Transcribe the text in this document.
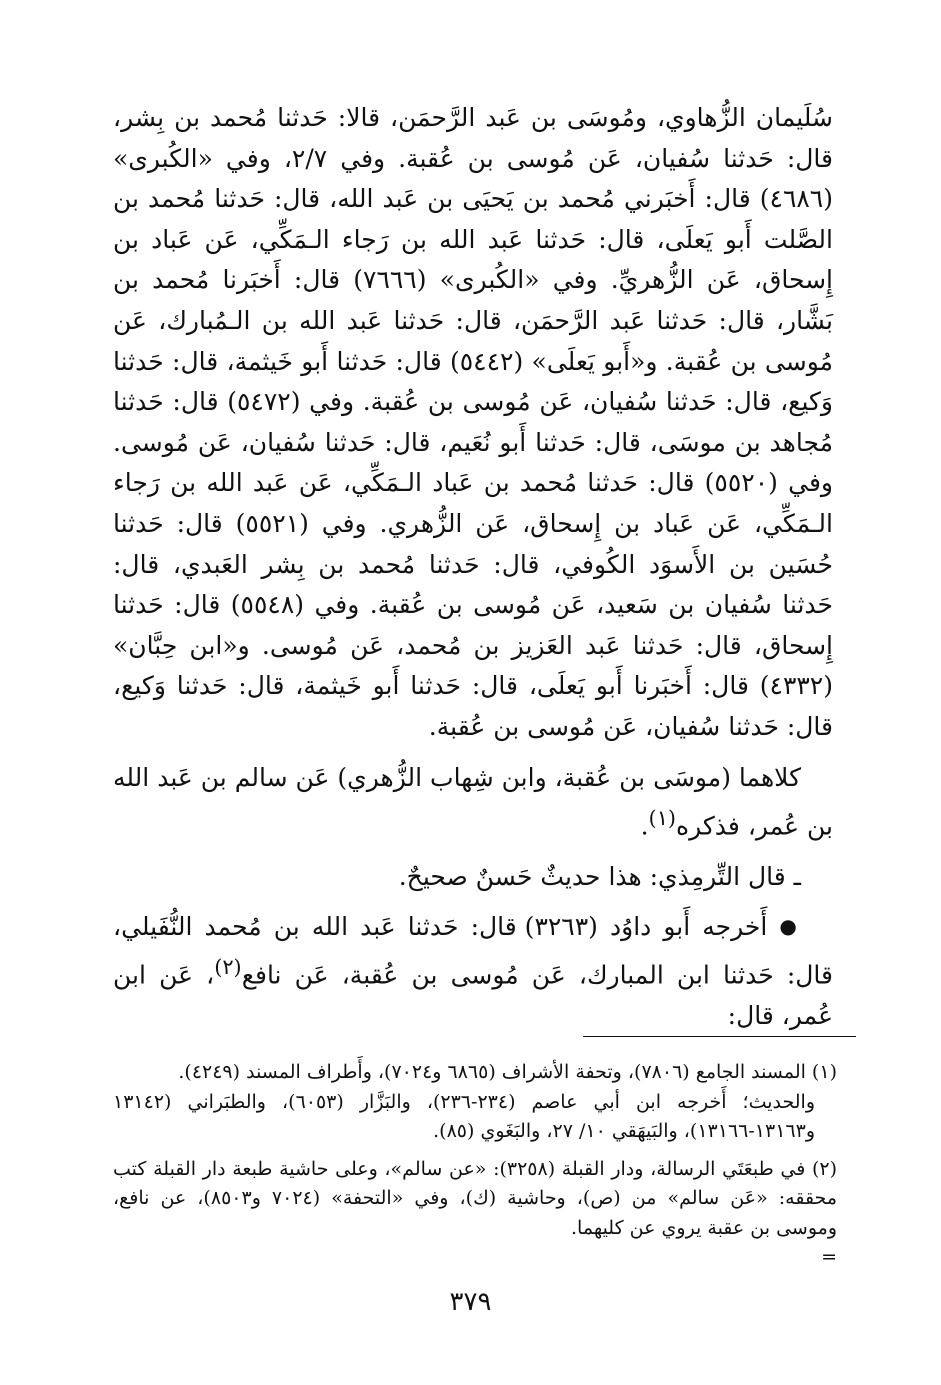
سُلَيمان الزُّهاوي، ومُوسَى بن عَبد الرَّحمَن، قالا: حَدثنا مُحمد بن بِشر، قال: حَدثنا سُفيان، عَن مُوسى بن عُقبة. وفي ٢/٧، وفي «الكُبرى» (٤٦٨٦) قال: أَخبَرني مُحمد بن يَحيَى بن عَبد الله، قال: حَدثنا مُحمد بن الصَّلت أَبو يَعلَى، قال: حَدثنا عَبد الله بن رَجاء الـمَكِّي، عَن عَباد بن إِسحاق، عَن الزُّهريِّ. وفي «الكُبرى» (٧٦٦٦) قال: أَخبَرنا مُحمد بن بَشَّار، قال: حَدثنا عَبد الرَّحمَن، قال: حَدثنا عَبد الله بن الـمُبارك، عَن مُوسى بن عُقبة. و«أَبو يَعلَى» (٥٤٤٢) قال: حَدثنا أَبو خَيثمة، قال: حَدثنا وَكيع، قال: حَدثنا سُفيان، عَن مُوسى بن عُقبة. وفي (٥٤٧٢) قال: حَدثنا مُجاهد بن موسَى، قال: حَدثنا أَبو نُعَيم، قال: حَدثنا سُفيان، عَن مُوسى. وفي (٥٥٢٠) قال: حَدثنا مُحمد بن عَباد الـمَكِّي، عَن عَبد الله بن رَجاء الـمَكِّي، عَن عَباد بن إِسحاق، عَن الزُّهري. وفي (٥٥٢١) قال: حَدثنا حُسَين بن الأَسوَد الكُوفي، قال: حَدثنا مُحمد بن بِشر العَبدي، قال: حَدثنا سُفيان بن سَعيد، عَن مُوسى بن عُقبة. وفي (٥٥٤٨) قال: حَدثنا إِسحاق، قال: حَدثنا عَبد العَزيز بن مُحمد، عَن مُوسى. و«ابن حِبَّان» (٤٣٣٢) قال: أَخبَرنا أَبو يَعلَى، قال: حَدثنا أَبو خَيثمة، قال: حَدثنا وَكيع، قال: حَدثنا سُفيان، عَن مُوسى بن عُقبة.

كلاهما (موسَى بن عُقبة، وابن شِهاب الزُّهري) عَن سالم بن عَبد الله بن عُمر، فذكره$^{(١)}$.

ـ قال التِّرمِذي: هذا حديثٌ حَسنٌ صحيحٌ.

● أَخرجه أَبو داوُد (٣٢٦٣) قال: حَدثنا عَبد الله بن مُحمد النُّفَيلي، قال: حَدثنا ابن المبارك، عَن مُوسى بن عُقبة، عَن نافع$^{(٢)}$، عَن ابن عُمر، قال:

(١) المسند الجامع (٧٨٠٦)، وتحفة الأشراف (٦٨٦٥ و٧٠٢٤)، وأَطراف المسند (٤٢٤٩).

والحديث؛ أَخرجه ابن أبي عاصم (٢٣٤-٢٣٦)، والبَزَّار (٦٠٥٣)، والطبَراني (١٣١٤٢ و١٣١٦٣-١٣١٦٦)، والبَيهَقي ١٠/ ٢٧، والبَغَوي (٨٥).

(٢) في طبعَتَي الرسالة، ودار القبلة (٣٢٥٨): «عن سالم»، وعلى حاشية طبعة دار القبلة كتب محققه: «عَن سالم» من (ص)، وحاشية (ك)، وفي «التحفة» (٧٠٢٤ و٨٥٠٣)، عن نافع، وموسى بن عقبة يروي عن كليهما.

=

٣٧٩
